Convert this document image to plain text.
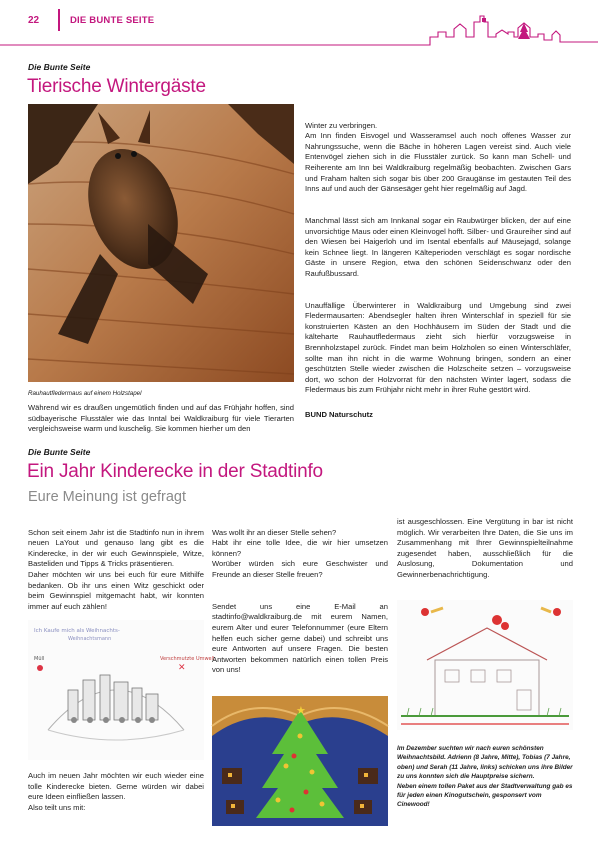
22	DIE BUNTE SEITE
Die Bunte Seite
Tierische Wintergäste
Rauhautfledermaus auf einem Holzstapel
Während wir es draußen ungemütlich finden und auf das Frühjahr hoffen, sind südbayerische Flusstäler wie das Inntal bei Waldkraiburg für viele Tierarten vergleichsweise warm und kuschelig. Sie kommen hierher um den

Winter zu verbringen.
Am Inn finden Eisvogel und Wasseramsel auch noch offenes Wasser zur Nahrungssuche, wenn die Bäche in höheren Lagen vereist sind. Auch viele Entenvögel ziehen sich in die Flusstäler zurück. So kann man Schell- und Reiherente am Inn bei Waldkraiburg regelmäßig beobachten. Zwischen Gars und Fraham halten sich sogar bis über 200 Graugänse im gestauten Teil des Inns auf und auch der Gänsesäger geht hier regelmäßig auf Jagd.

Manchmal lässt sich am Innkanal sogar ein Raubwürger blicken, der auf eine unvorsichtige Maus oder einen Kleinvogel hofft. Silber- und Graureiher sind auf den Wiesen bei Haigerloh und im Isental ebenfalls auf Mäusejagd, solange kein Schnee liegt. In längeren Kälteperioden verschlägt es sogar nordische Gäste in unsere Region, etwa den schönen Seidenschwanz oder den Raufußbussard.

Unauffällige Überwinterer in Waldkraiburg und Umgebung sind zwei Fledermausarten: Abendsegler halten ihren Winterschlaf in speziell für sie konstruierten Kästen an den Hochhäusern im Süden der Stadt und die kälteharte Rauhautfledermaus zieht sich hierfür vorzugsweise in Brennholzstapel zurück. Findet man beim Holzholen so einen Winterschläfer, sollte man ihn nicht in die warme Wohnung bringen, sondern an einer geschützten Stelle wieder zwischen die Holzscheite setzen – vorzugsweise dort, wo schon der Holzvorrat für den nächsten Winter lagert, sodass die Fledermaus bis zum Frühjahr nicht mehr in ihrer Ruhe gestört wird.

BUND Naturschutz
Die Bunte Seite
Ein Jahr Kinderecke in der Stadtinfo
Eure Meinung ist gefragt

Schon seit einem Jahr ist die Stadtinfo nun in ihrem neuen LaYout und genauso lang gibt es die Kinderecke, in der wir euch Gewinnspiele, Witze, Basteliden und Tipps & Tricks präsentieren.
Daher möchten wir uns bei euch für eure Mithilfe bedanken. Ob ihr uns einen Witz geschickt oder beim Gewinnspiel mitgemacht habt, wir konnten immer auf euch zählen!

Ich Kaufe mich als Weihnachts-
Weihnachtsmann
Müll	Verschmutzte Umwelt
✕
Auch im neuen Jahr möchten wir euch wieder eine tolle Kinderecke bieten. Gerne würden wir dabei eure Ideen einfließen lassen.
Also teilt uns mit:

Was wollt ihr an dieser Stelle sehen?
Habt ihr eine tolle Idee, die wir hier umsetzen können?
Worüber würden sich eure Geschwister und Freunde an dieser Stelle freuen?

Sendet uns eine E-Mail an stadtinfo@waldkraiburg.de mit eurem Namen, eurem Alter und eurer Telefonnummer (eure Eltern helfen euch sicher gerne dabei) und schreibt uns eure Antworten auf unsere Fragen. Die besten Antworten bekommen natürlich einen tollen Preis von uns!

★
ist ausgeschlossen. Eine Vergütung in bar ist nicht möglich. Wir verarbeiten Ihre Daten, die Sie uns im Zusammenhang mit Ihrer Gewinnspielteilnahme zugesendet haben, ausschließlich für die Auslosung, Dokumentation und Gewinnerbenachrichtigung.

Im Dezember suchten wir nach euren schönsten Weihnachtsbild. Adrienn (8 Jahre, Mitte), Tobias (7 Jahre, oben) und Serah (11 Jahre, links) schicken uns ihre Bilder zu uns konnten sich die Hauptpreise sichern.

Neben einem tollen Paket aus der Stadtverwaltung gab es für jeden einen Kinogutschein, gesponsert vom Cinewood!
